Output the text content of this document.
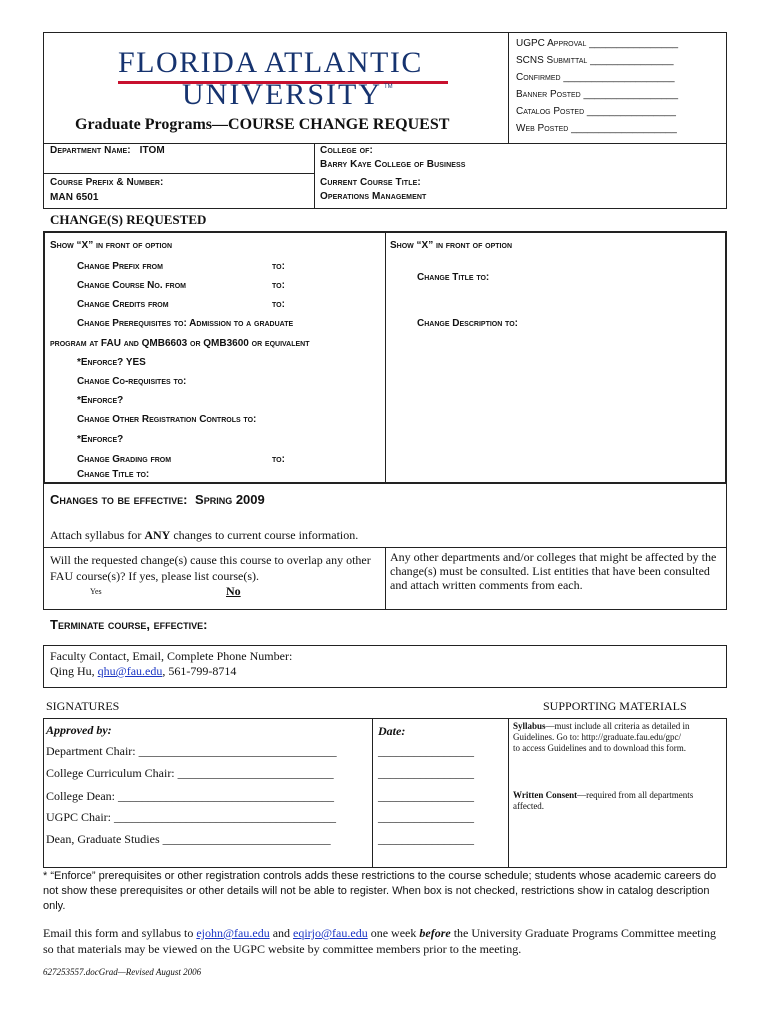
FLORIDA ATLANTIC
UNIVERSITY TM
Graduate Programs—COURSE CHANGE REQUEST
UGPC Approval ________________
SCNS Submittal _______________
Confirmed ____________________
Banner Posted _________________
Catalog Posted ________________
Web Posted ___________________
Department Name: ITOM	College of:
Barry Kaye College of Business
Course Prefix & Number:
MAN 6501
Current Course Title:
Operations Management
CHANGE(S) REQUESTED
Show “X” in front of option	Show “X” in front of option
Change Prefix from	to:
Change Course No. from	to:
Change Credits from	to:
Change Prerequisites to: Admission to a graduate
program at FAU and QMB6603 or QMB3600 or equivalent
*Enforce? YES
Change Co-requisites to:
*Enforce?
Change Other Registration Controls to:
*Enforce?
Change Grading from	to:
Change Title to:
Change Title to:
Change Description to:
Changes to be effective: Spring 2009
Attach syllabus for ANY changes to current course information.
Will the requested change(s) cause this course to overlap any other FAU course(s)? If yes, please list course(s).
Yes	No
Any other departments and/or colleges that might be affected by the change(s) must be consulted. List entities that have been consulted and attach written comments from each.
Terminate course, effective:
Faculty Contact, Email, Complete Phone Number:
Qing Hu, qhu@fau.edu, 561-799-8714
SIGNATURES	SUPPORTING MATERIALS
Approved by:	Date:
Department Chair: _________________________________
College Curriculum Chair: __________________________
College Dean: ____________________________________
UGPC Chair: _____________________________________
Dean, Graduate Studies ____________________________
________________
________________
________________
________________
________________
Syllabus—must include all criteria as detailed in Guidelines. Go to: http://graduate.fau.edu/gpc/
to access Guidelines and to download this form.
Written Consent—required from all departments affected.
* “Enforce” prerequisites or other registration controls adds these restrictions to the course schedule; students whose academic careers do not show these prerequisites or other details will not be able to register. When box is not checked, restrictions show in catalog description only.
Email this form and syllabus to ejohn@fau.edu and eqirjo@fau.edu one week before the University Graduate Programs Committee meeting so that materials may be viewed on the UGPC website by committee members prior to the meeting.
627253557.docGrad—Revised August 2006
